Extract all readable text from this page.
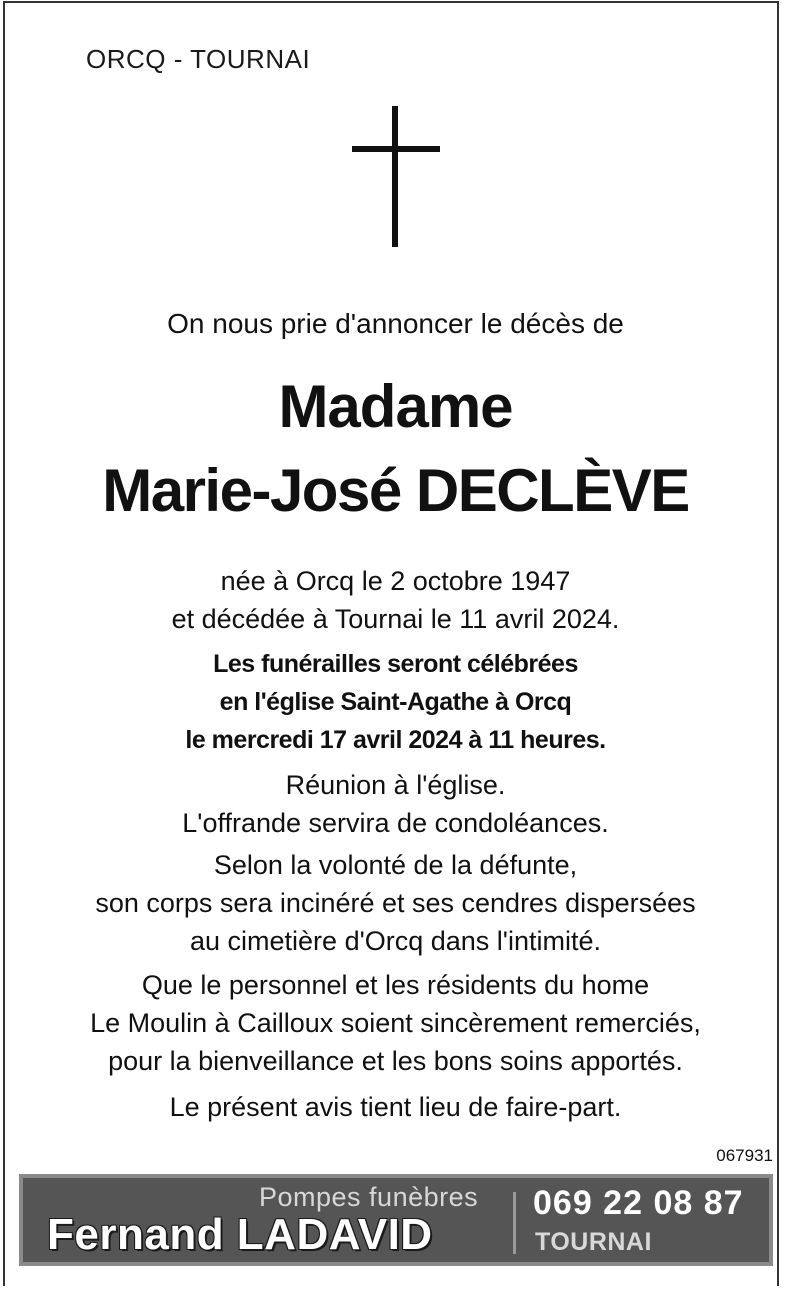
ORCQ - TOURNAI
On nous prie d'annoncer le décès de
Madame
Marie-José DECLÈVE
née à Orcq le 2 octobre 1947
et décédée à Tournai le 11 avril 2024.
Les funérailles seront célébrées
en l'église Saint-Agathe à Orcq
le mercredi 17 avril 2024 à 11 heures.
Réunion à l'église.
L'offrande servira de condoléances.
Selon la volonté de la défunte,
son corps sera incinéré et ses cendres dispersées
au cimetière d'Orcq dans l'intimité.
Que le personnel et les résidents du home
Le Moulin à Cailloux soient sincèrement remerciés,
pour la bienveillance et les bons soins apportés.
Le présent avis tient lieu de faire-part.
067931
Pompes funèbres
Fernand LADAVID
069 22 08 87
TOURNAI
